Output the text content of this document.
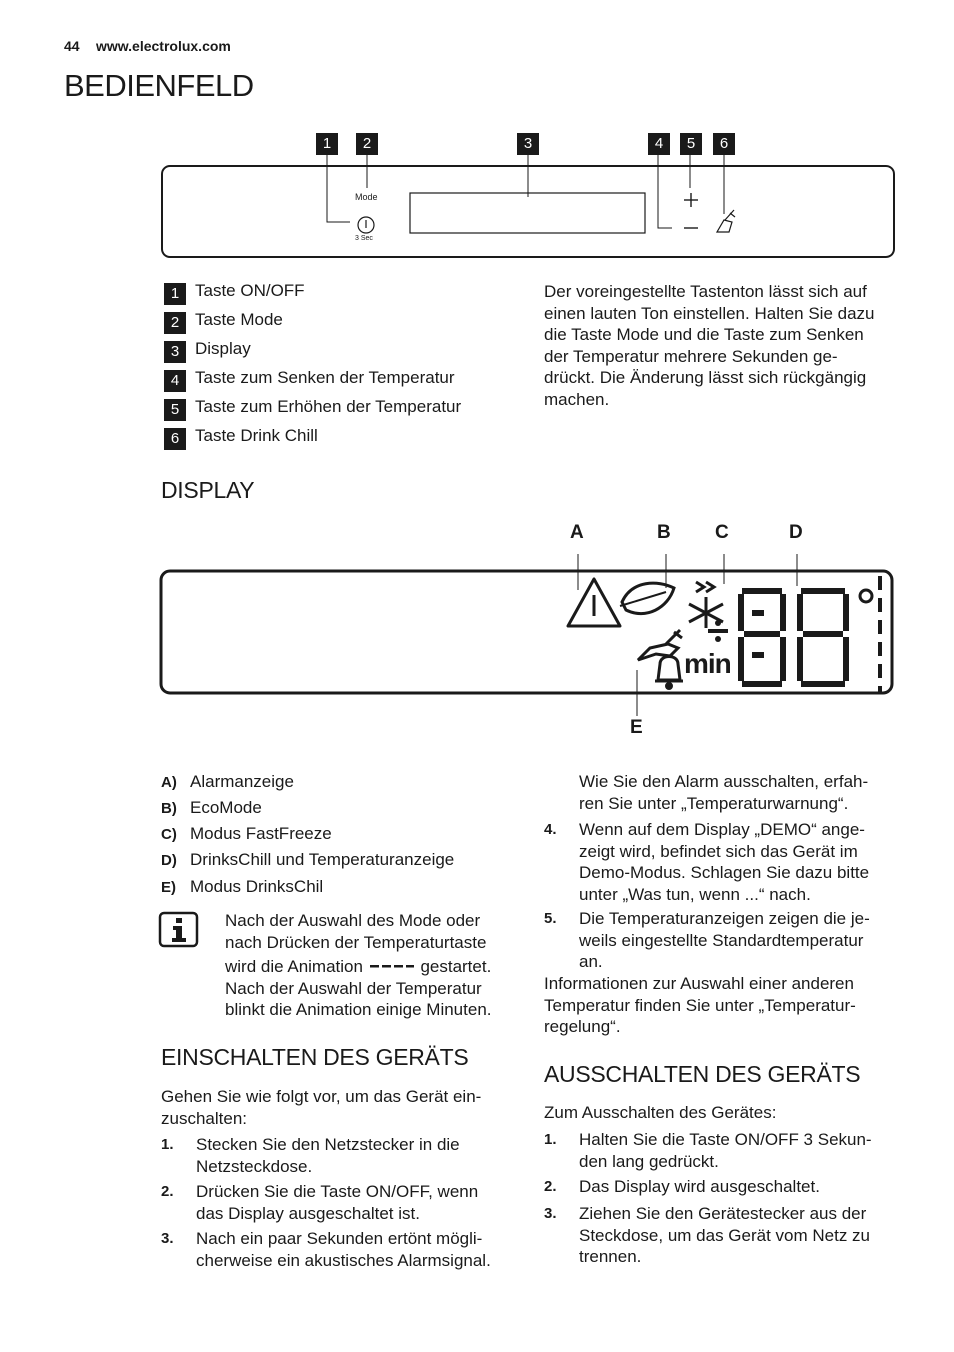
44 www.electrolux.com
BEDIENFELD
1	2	3	4	5	6
Mode
3 Sec
1 Taste ON/OFF
2 Taste Mode
3 Display
4 Taste zum Senken der Temperatur
5 Taste zum Erhöhen der Temperatur
6 Taste Drink Chill
Der voreingestellte Tastenton lässt sich auf
einen lauten Ton einstellen. Halten Sie dazu
die Taste Mode und die Taste zum Senken
der Temperatur mehrere Sekunden ge-
drückt. Die Änderung lässt sich rückgängig
machen.
DISPLAY
A	B C	D
E
min
A) Alarmanzeige
B) EcoMode
C) Modus FastFreeze
D) DrinksChill und Temperaturanzeige
E) Modus DrinksChil
Nach der Auswahl des Mode oder
nach Drücken der Temperaturtaste
wird die Animation	gestartet.
Nach der Auswahl der Temperatur
blinkt die Animation einige Minuten.
EINSCHALTEN DES GERÄTS
Gehen Sie wie folgt vor, um das Gerät ein-
zuschalten:
1. Stecken Sie den Netzstecker in die
Netzsteckdose.
2. Drücken Sie die Taste ON/OFF, wenn
das Display ausgeschaltet ist.
3. Nach ein paar Sekunden ertönt mögli-
cherweise ein akustisches Alarmsignal.
Wie Sie den Alarm ausschalten, erfah-
ren Sie unter „Temperaturwarnung“.
4. Wenn auf dem Display „DEMO“ ange-
zeigt wird, befindet sich das Gerät im
Demo-Modus. Schlagen Sie dazu bitte
unter „Was tun, wenn ...“ nach.
5. Die Temperaturanzeigen zeigen die je-
weils eingestellte Standardtemperatur
an.
Informationen zur Auswahl einer anderen
Temperatur finden Sie unter „Temperatur-
regelung“.
AUSSCHALTEN DES GERÄTS
Zum Ausschalten des Gerätes:
1. Halten Sie die Taste ON/OFF 3 Sekun-
den lang gedrückt.
2. Das Display wird ausgeschaltet.
3. Ziehen Sie den Gerätestecker aus der
Steckdose, um das Gerät vom Netz zu
trennen.
